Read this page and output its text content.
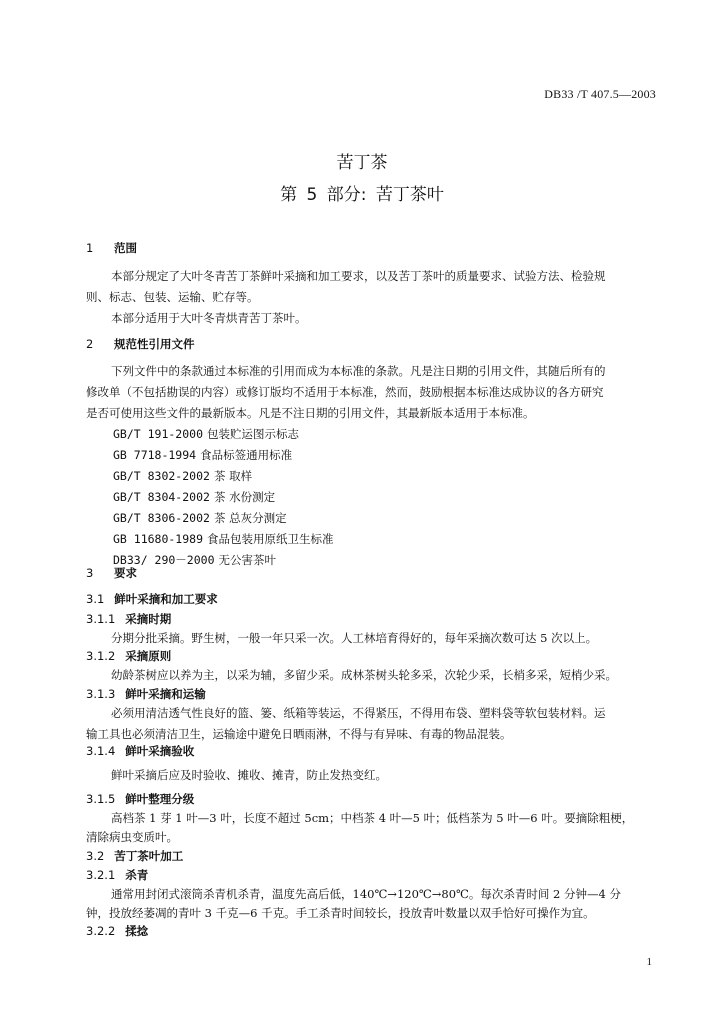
DB33 /T 407.5—2003
苦丁茶
第 5 部分: 苦丁茶叶
1 范围
本部分规定了大叶冬青苦丁茶鲜叶采摘和加工要求，以及苦丁茶叶的质量要求、试验方法、检验规
则、标志、包装、运输、贮存等。
本部分适用于大叶冬青烘青苦丁茶叶。
2 规范性引用文件
下列文件中的条款通过本标准的引用而成为本标准的条款。凡是注日期的引用文件，其随后所有的
修改单（不包括勘误的内容）或修订版均不适用于本标准，然而，鼓励根据本标准达成协议的各方研究
是否可使用这些文件的最新版本。凡是不注日期的引用文件，其最新版本适用于本标准。
GB/T 191-2000 包装贮运图示标志
GB 7718-1994 食品标签通用标准
GB/T 8302-2002 茶 取样
GB/T 8304-2002 茶 水份测定
GB/T 8306-2002 茶 总灰分测定
GB 11680-1989 食品包装用原纸卫生标准
DB33/ 290－2000 无公害茶叶
3 要求
3.1 鲜叶采摘和加工要求
3.1.1 采摘时期
分期分批采摘。野生树，一般一年只采一次。人工林培育得好的，每年采摘次数可达 5 次以上。
3.1.2 采摘原则
幼龄茶树应以养为主，以采为辅，多留少采。成林茶树头轮多采，次轮少采，长梢多采，短梢少采。
3.1.3 鲜叶采摘和运输
必须用清洁透气性良好的篮、篓、纸箱等装运，不得紧压，不得用布袋、塑料袋等软包装材料。运
输工具也必须清洁卫生，运输途中避免日晒雨淋，不得与有异味、有毒的物品混装。
3.1.4 鲜叶采摘验收
鲜叶采摘后应及时验收、摊收、摊青，防止发热变红。
3.1.5 鲜叶整理分级
高档茶 1 芽 1 叶—3 叶，长度不超过 5cm；中档茶 4 叶—5 叶；低档茶为 5 叶—6 叶。要摘除粗梗，
清除病虫变质叶。
3.2 苦丁茶叶加工
3.2.1 杀青
通常用封闭式滚筒杀青机杀青，温度先高后低，140℃→120℃→80℃。每次杀青时间 2 分钟—4 分
钟，投放经萎凋的青叶 3 千克—6 千克。手工杀青时间较长，投放青叶数量以双手恰好可操作为宜。
3.2.2 揉捻
1
